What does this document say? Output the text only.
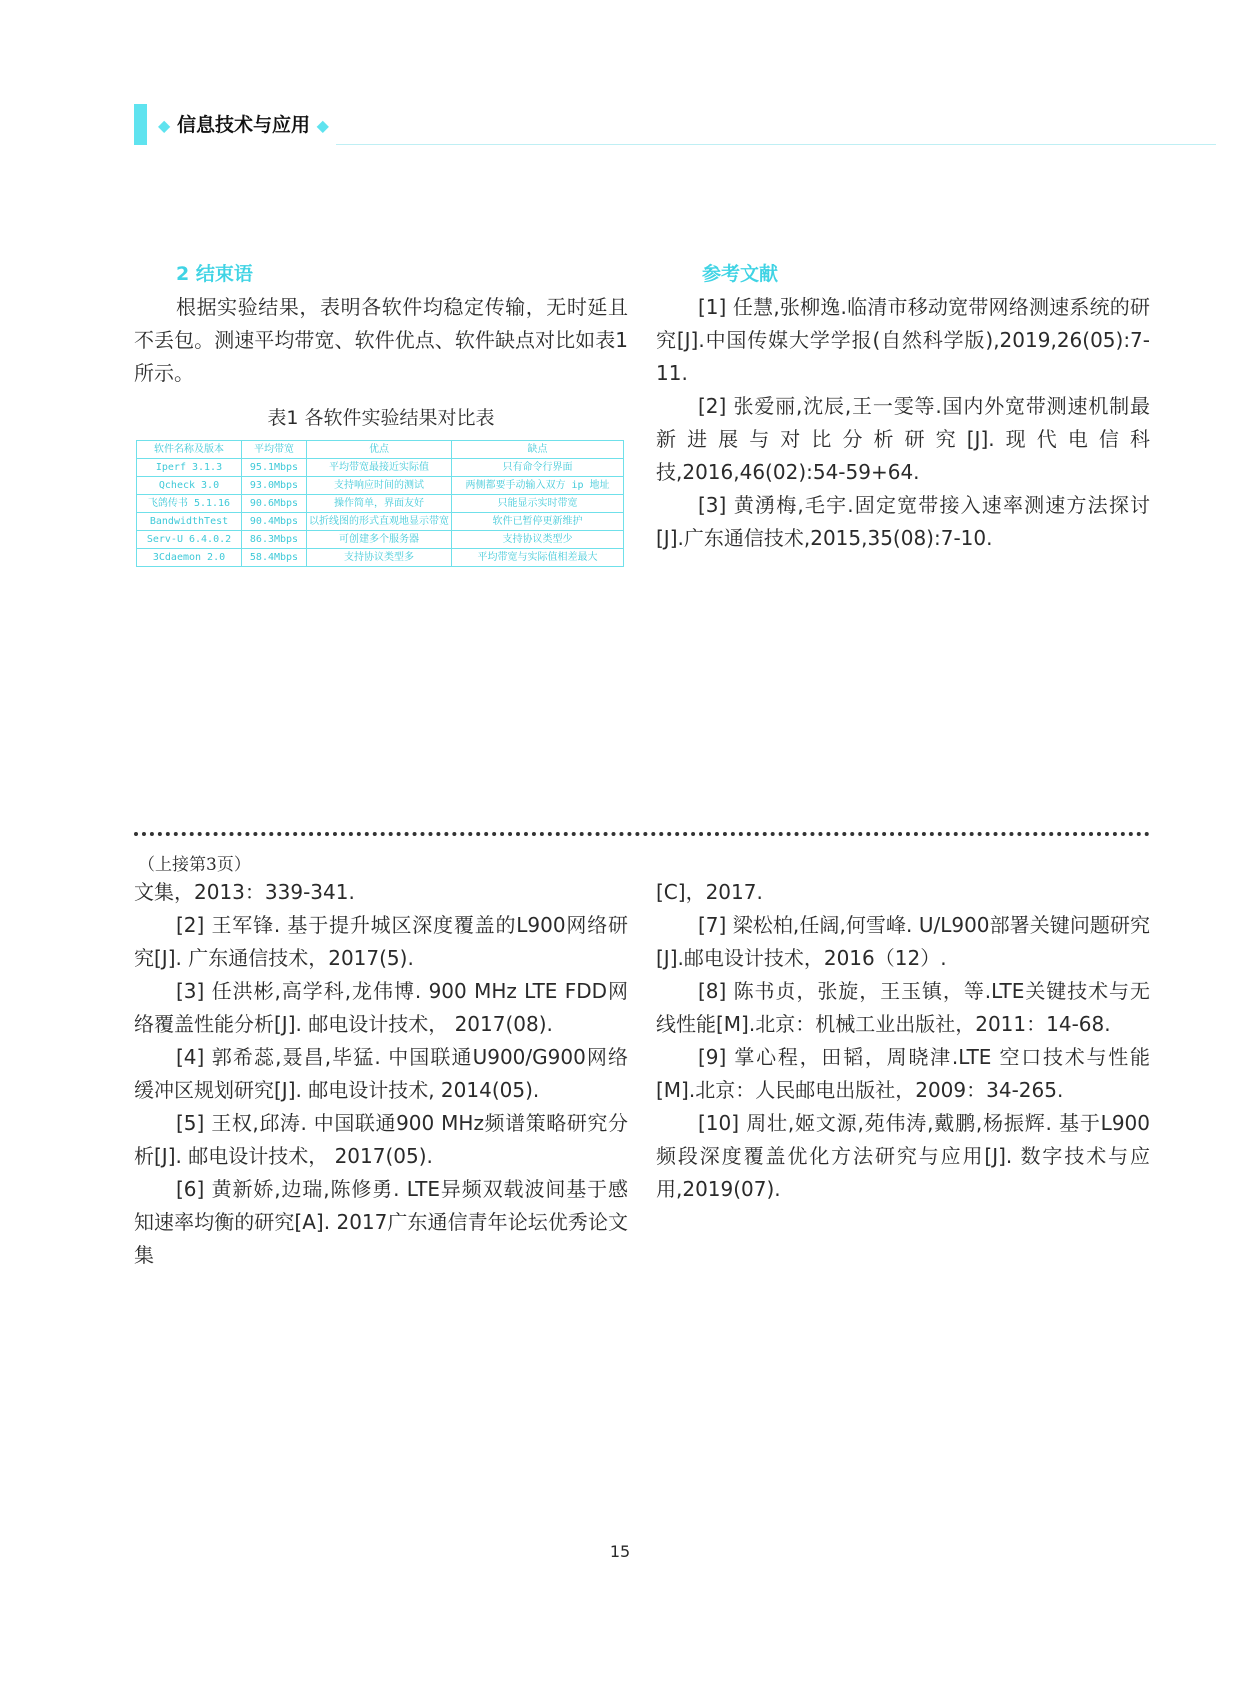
◆ 信息技术与应用 ◆
2 结束语

根据实验结果，表明各软件均稳定传输，无时延且不丢包。测速平均带宽、软件优点、软件缺点对比如表1所示。

表1 各软件实验结果对比表
软件名称及版本	平均带宽	优点	缺点
Iperf 3.1.3	95.1Mbps	平均带宽最接近实际值	只有命令行界面
Qcheck 3.0	93.0Mbps	支持响应时间的测试	两侧都要手动输入双方 ip 地址
飞鸽传书 5.1.16	90.6Mbps	操作简单，界面友好	只能显示实时带宽
BandwidthTest	90.4Mbps	以折线图的形式直观地显示带宽	软件已暂停更新维护
Serv-U 6.4.0.2	86.3Mbps	可创建多个服务器	支持协议类型少
3Cdaemon 2.0	58.4Mbps	支持协议类型多	平均带宽与实际值相差最大
参考文献

[1] 任慧,张柳逸.临清市移动宽带网络测速系统的研究[J].中国传媒大学学报(自然科学版),2019,26(05):7-11.

[2] 张爱丽,沈辰,王一雯等.国内外宽带测速机制最新进展与对比分析研究[J].现代电信科技,2016,46(02):54-59+64.

[3] 黄湧梅,毛宇.固定宽带接入速率测速方法探讨[J].广东通信技术,2015,35(08):7-10.

（上接第3页）

文集，2013：339-341.

[2] 王军锋. 基于提升城区深度覆盖的L900网络研究[J]. 广东通信技术，2017(5).

[3] 任洪彬,高学科,龙伟博. 900 MHz LTE FDD网络覆盖性能分析[J]. 邮电设计技术， 2017(08).

[4] 郭希蕊,聂昌,毕猛. 中国联通U900/G900网络缓冲区规划研究[J]. 邮电设计技术, 2014(05).

[5] 王权,邱涛. 中国联通900 MHz频谱策略研究分析[J]. 邮电设计技术， 2017(05).

[6] 黄新娇,边瑞,陈修勇. LTE异频双载波间基于感知速率均衡的研究[A]. 2017广东通信青年论坛优秀论文集

[C]，2017.

[7] 梁松柏,任阔,何雪峰. U/L900部署关键问题研究[J].邮电设计技术，2016（12）.

[8] 陈书贞，张旋，王玉镇，等.LTE关键技术与无线性能[M].北京：机械工业出版社，2011：14-68.

[9] 掌心程，田韬，周晓津.LTE 空口技术与性能[M].北京：人民邮电出版社，2009：34-265.

[10] 周壮,姬文源,苑伟涛,戴鹏,杨振辉. 基于L900频段深度覆盖优化方法研究与应用[J]. 数字技术与应用,2019(07).

15
